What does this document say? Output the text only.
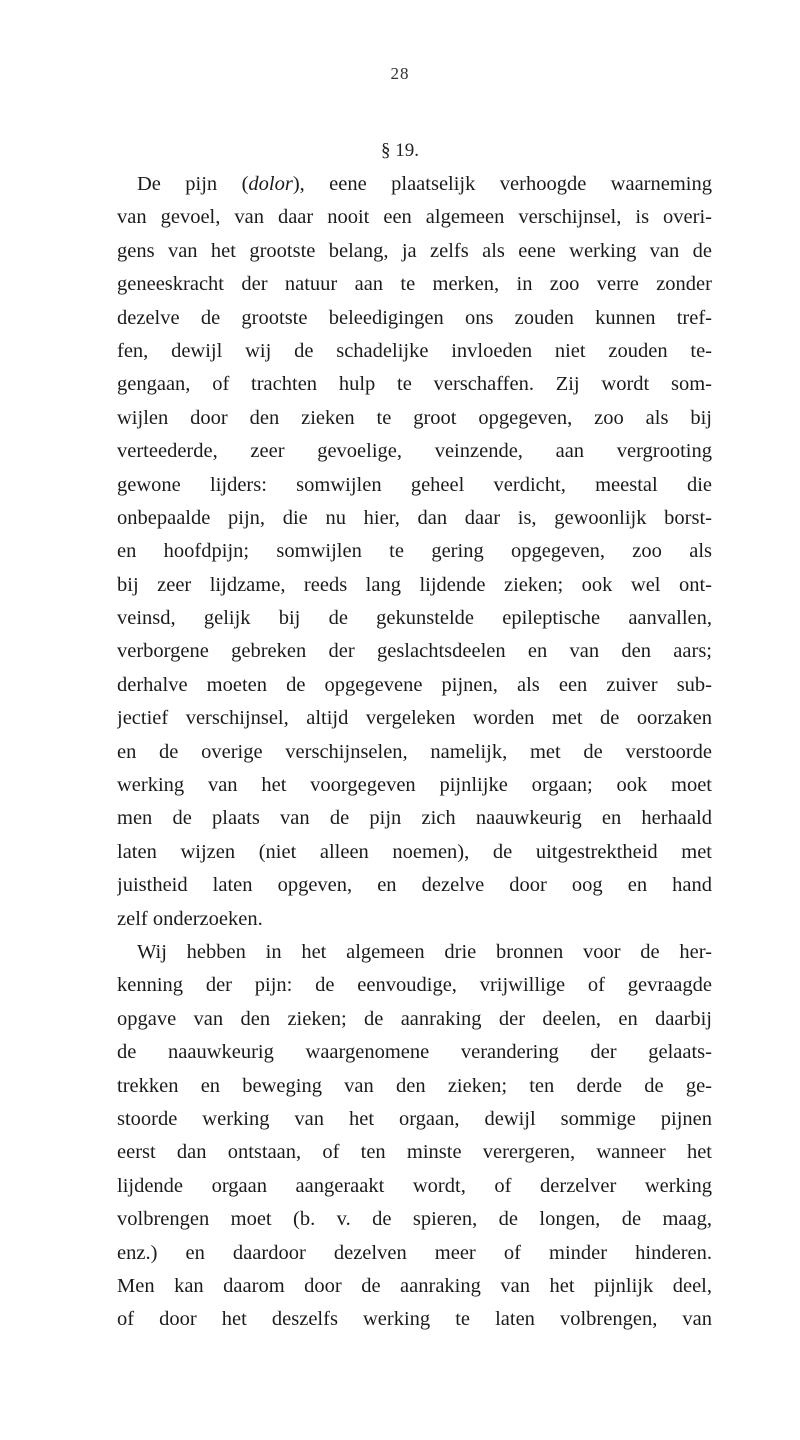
28
§ 19.
De pijn (dolor), eene plaatselijk verhoogde waarneming
van gevoel, van daar nooit een algemeen verschijnsel, is overi-
gens van het grootste belang, ja zelfs als eene werking van de
geneeskracht der natuur aan te merken, in zoo verre zonder
dezelve de grootste beleedigingen ons zouden kunnen tref-
fen, dewijl wij de schadelijke invloeden niet zouden te-
gengaan, of trachten hulp te verschaffen. Zij wordt som-
wijlen door den zieken te groot opgegeven, zoo als bij
verteederde, zeer gevoelige, veinzende, aan vergrooting
gewone lijders: somwijlen geheel verdicht, meestal die
onbepaalde pijn, die nu hier, dan daar is, gewoonlijk borst-
en hoofdpijn; somwijlen te gering opgegeven, zoo als
bij zeer lijdzame, reeds lang lijdende zieken; ook wel ont-
veinsd, gelijk bij de gekunstelde epileptische aanvallen,
verborgene gebreken der geslachtsdeelen en van den aars;
derhalve moeten de opgegevene pijnen, als een zuiver sub-
jectief verschijnsel, altijd vergeleken worden met de oorzaken
en de overige verschijnselen, namelijk, met de verstoorde
werking van het voorgegeven pijnlijke orgaan; ook moet
men de plaats van de pijn zich naauwkeurig en herhaald
laten wijzen (niet alleen noemen), de uitgestrektheid met
juistheid laten opgeven, en dezelve door oog en hand
zelf onderzoeken.
Wij hebben in het algemeen drie bronnen voor de her-
kenning der pijn: de eenvoudige, vrijwillige of gevraagde
opgave van den zieken; de aanraking der deelen, en daarbij
de naauwkeurig waargenomene verandering der gelaats-
trekken en beweging van den zieken; ten derde de ge-
stoorde werking van het orgaan, dewijl sommige pijnen
eerst dan ontstaan, of ten minste verergeren, wanneer het
lijdende orgaan aangeraakt wordt, of derzelver werking
volbrengen moet (b. v. de spieren, de longen, de maag,
enz.) en daardoor dezelven meer of minder hinderen.
Men kan daarom door de aanraking van het pijnlijk deel,
of door het deszelfs werking te laten volbrengen, van
